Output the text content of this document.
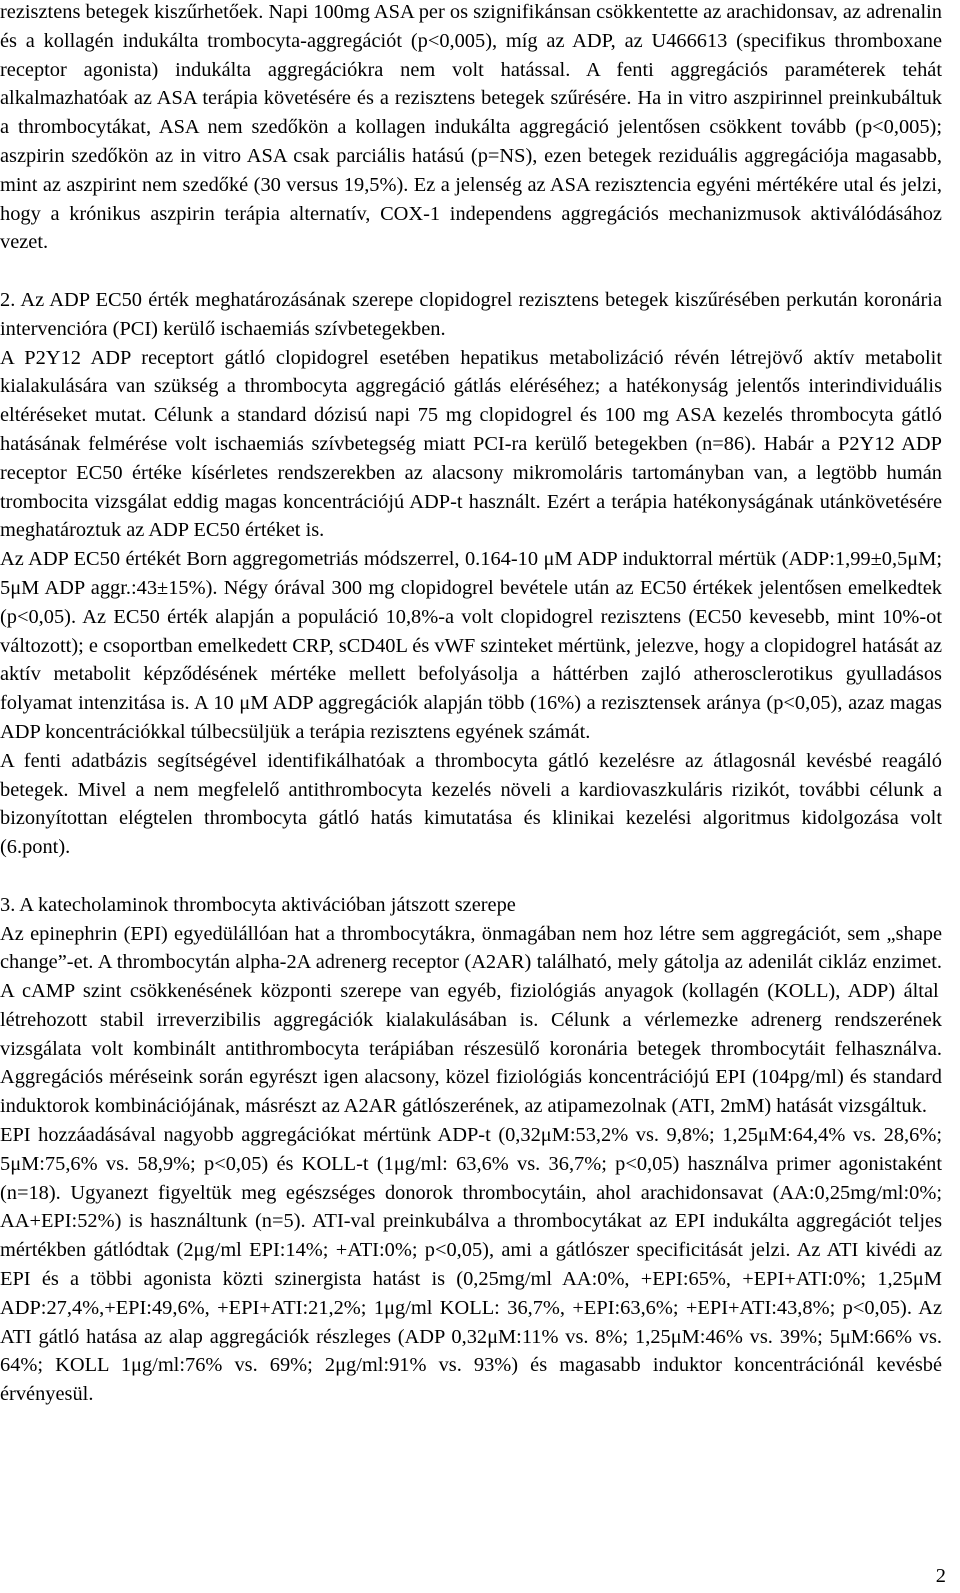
rezisztens betegek kiszűrhetőek. Napi 100mg ASA per os szignifikánsan csökkentette az arachidonsav, az adrenalin és a kollagén indukálta trombocyta-aggregációt (p<0,005), míg az ADP, az U466613 (specifikus thromboxane receptor agonista) indukálta aggregációkra nem volt hatással. A fenti aggregációs paraméterek tehát alkalmazhatóak az ASA terápia követésére és a rezisztens betegek szűrésére. Ha in vitro aszpirinnel preinkubáltuk a thrombocytákat, ASA nem szedőkön a kollagen indukálta aggregáció jelentősen csökkent tovább (p<0,005); aszpirin szedőkön az in vitro ASA csak parciális hatású (p=NS), ezen betegek reziduális aggregációja magasabb, mint az aszpirint nem szedőké (30 versus 19,5%). Ez a jelenség az ASA rezisztencia egyéni mértékére utal és jelzi, hogy a krónikus aszpirin terápia alternatív, COX-1 independens aggregációs mechanizmusok aktiválódásához vezet.

2. Az ADP EC50 érték meghatározásának szerepe clopidogrel rezisztens betegek kiszűrésében perkután koronária intervencióra (PCI) kerülő ischaemiás szívbetegekben.

A P2Y12 ADP receptort gátló clopidogrel esetében hepatikus metabolizáció révén létrejövő aktív metabolit kialakulására van szükség a thrombocyta aggregáció gátlás eléréséhez; a hatékonyság jelentős interindividuális eltéréseket mutat. Célunk a standard dózisú napi 75 mg clopidogrel és 100 mg ASA kezelés thrombocyta gátló hatásának felmérése volt ischaemiás szívbetegség miatt PCI-ra kerülő betegekben (n=86). Habár a P2Y12 ADP receptor EC50 értéke kísérletes rendszerekben az alacsony mikromoláris tartományban van, a legtöbb humán trombocita vizsgálat eddig magas koncentrációjú ADP-t használt. Ezért a terápia hatékonyságának utánkövetésére meghatároztuk az ADP EC50 értéket is.

Az ADP EC50 értékét Born aggregometriás módszerrel, 0.164-10 μM ADP induktorral mértük (ADP:1,99±0,5μM; 5μM ADP aggr.:43±15%). Négy órával 300 mg clopidogrel bevétele után az EC50 értékek jelentősen emelkedtek (p<0,05). Az EC50 érték alapján a populáció 10,8%-a volt clopidogrel rezisztens (EC50 kevesebb, mint 10%-ot változott); e csoportban emelkedett CRP, sCD40L és vWF szinteket mértünk, jelezve, hogy a clopidogrel hatását az aktív metabolit képződésének mértéke mellett befolyásolja a háttérben zajló atherosclerotikus gyulladásos folyamat intenzitása is. A 10 μM ADP aggregációk alapján több (16%) a rezisztensek aránya (p<0,05), azaz magas ADP koncentrációkkal túlbecsüljük a terápia rezisztens egyének számát.

A fenti adatbázis segítségével identifikálhatóak a thrombocyta gátló kezelésre az átlagosnál kevésbé reagáló betegek. Mivel a nem megfelelő antithrombocyta kezelés növeli a kardiovaszkuláris rizikót, további célunk a bizonyítottan elégtelen thrombocyta gátló hatás kimutatása és klinikai kezelési algoritmus kidolgozása volt (6.pont).

3. A katecholaminok thrombocyta aktivációban játszott szerepe

Az epinephrin (EPI) egyedülállóan hat a thrombocytákra, önmagában nem hoz létre sem aggregációt, sem „shape change”-et. A thrombocytán alpha-2A adrenerg receptor (A2AR) található, mely gátolja az adenilát cikláz enzimet. A cAMP szint csökkenésének központi szerepe van egyéb, fiziológiás anyagok (kollagén (KOLL), ADP) által létrehozott stabil irreverzibilis aggregációk kialakulásában is. Célunk a vérlemezke adrenerg rendszerének vizsgálata volt kombinált antithrombocyta terápiában részesülő koronária betegek thrombocytáit felhasználva. Aggregációs méréseink során egyrészt igen alacsony, közel fiziológiás koncentrációjú EPI (104pg/ml) és standard induktorok kombinációjának, másrészt az A2AR gátlószerének, az atipamezolnak (ATI, 2mM) hatását vizsgáltuk.

EPI hozzáadásával nagyobb aggregációkat mértünk ADP-t (0,32μM:53,2% vs. 9,8%; 1,25μM:64,4% vs. 28,6%; 5μM:75,6% vs. 58,9%; p<0,05) és KOLL-t (1μg/ml: 63,6% vs. 36,7%; p<0,05) használva primer agonistaként (n=18). Ugyanezt figyeltük meg egészséges donorok thrombocytáin, ahol arachidonsavat (AA:0,25mg/ml:0%; AA+EPI:52%) is használtunk (n=5). ATI-val preinkubálva a thrombocytákat az EPI indukálta aggregációt teljes mértékben gátlódtak (2μg/ml EPI:14%; +ATI:0%; p<0,05), ami a gátlószer specificitását jelzi. Az ATI kivédi az EPI és a többi agonista közti szinergista hatást is (0,25mg/ml AA:0%, +EPI:65%, +EPI+ATI:0%; 1,25μM ADP:27,4%,+EPI:49,6%, +EPI+ATI:21,2%; 1μg/ml KOLL: 36,7%, +EPI:63,6%; +EPI+ATI:43,8%; p<0,05). Az ATI gátló hatása az alap aggregációk részleges (ADP 0,32μM:11% vs. 8%; 1,25μM:46% vs. 39%; 5μM:66% vs. 64%; KOLL 1μg/ml:76% vs. 69%; 2μg/ml:91% vs. 93%) és magasabb induktor koncentrációnál kevésbé érvényesül.

2
